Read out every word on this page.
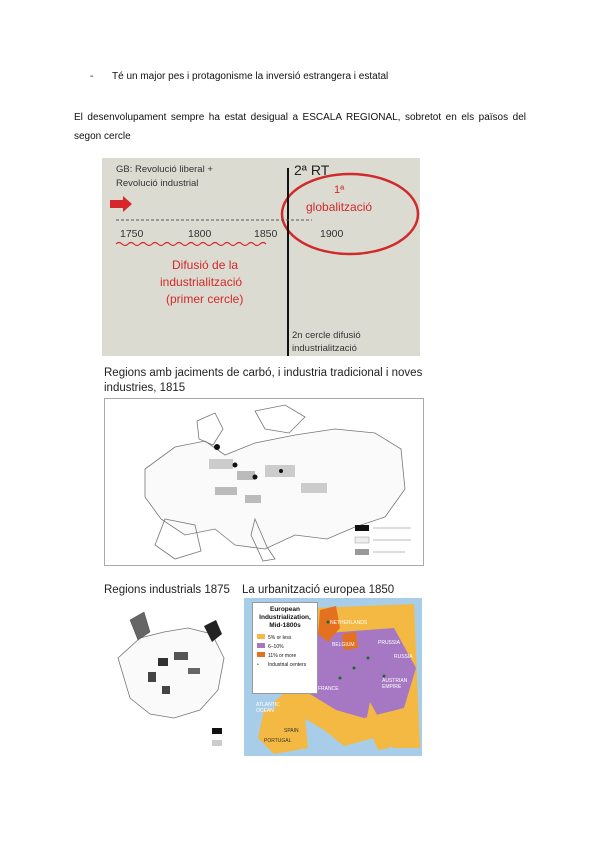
- Té un major pes i protagonisme la inversió estrangera i estatal
El desenvolupament sempre ha estat desigual a ESCALA REGIONAL, sobretot en els països del segon cercle
GB: Revolució liberal +
Revolució industrial
2ª RT
1ª
globalització
1750	1800	1850	1900
Difusió de la
industrialització
(primer cercle)
2n cercle difusió
industrialització
Regions amb jaciments de carbó, i industria tradicional i noves
industries, 1815
Regions industrials 1875 La urbanització europea 1850
European
Industrialization,
Mid-1800s
5% or less
6–10%
11% or more
• Industrial centers
NETHERLANDS
BELGIUM	PRUSSIA
RUSSIA
AUSTRIAN EMPIRE
FRANCE
SPAIN
PORTUGAL
ATLANTIC OCEAN
